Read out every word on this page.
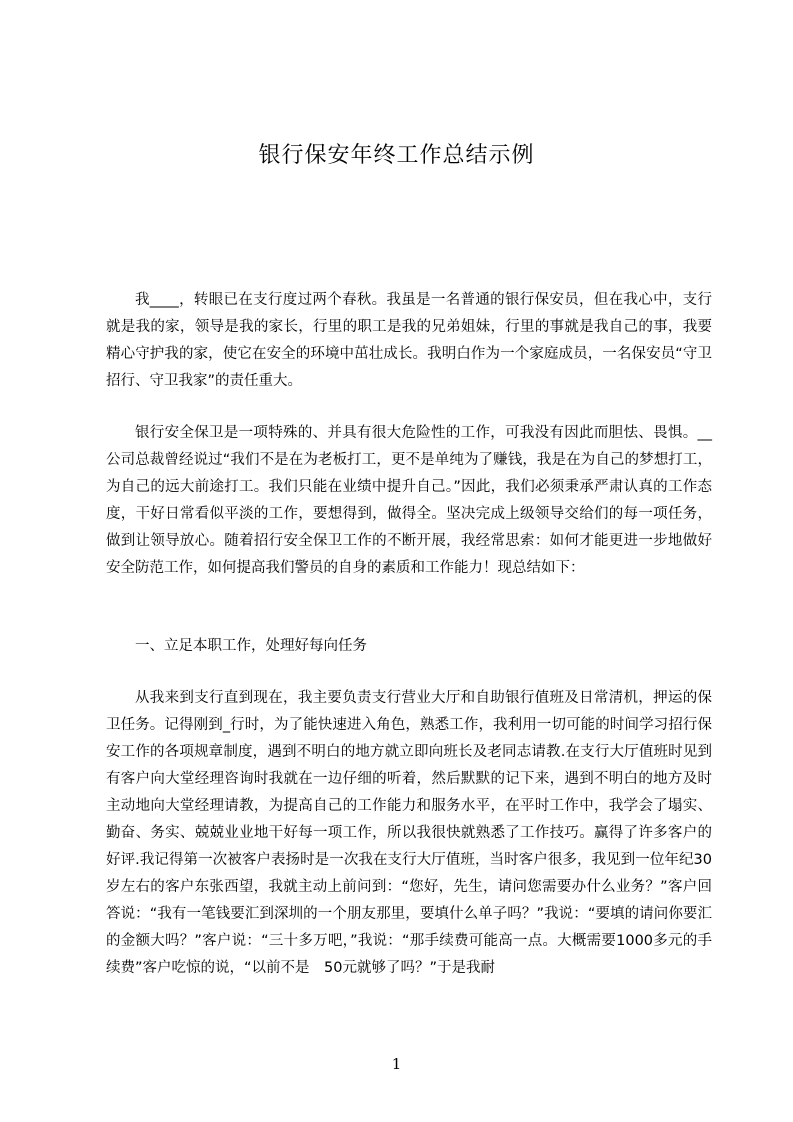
银行保安年终工作总结示例

我____，转眼已在支行度过两个春秋。我虽是一名普通的银行保安员，但在我心中，支行就是我的家，领导是我的家长，行里的职工是我的兄弟姐妹，行里的事就是我自己的事，我要精心守护我的家，使它在安全的环境中茁壮成长。我明白作为一个家庭成员，一名保安员“守卫招行、守卫我家”的责任重大。

银行安全保卫是一项特殊的、并具有很大危险性的工作，可我没有因此而胆怯、畏惧。__公司总裁曾经说过“我们不是在为老板打工，更不是单纯为了赚钱，我是在为自己的梦想打工，为自己的远大前途打工。我们只能在业绩中提升自己。”因此，我们必须秉承严肃认真的工作态度，干好日常看似平淡的工作，要想得到，做得全。坚决完成上级领导交给们的每一项任务，做到让领导放心。随着招行安全保卫工作的不断开展，我经常思索：如何才能更进一步地做好安全防范工作，如何提高我们警员的自身的素质和工作能力！现总结如下：

一、立足本职工作，处理好每向任务

从我来到支行直到现在，我主要负责支行营业大厅和自助银行值班及日常清机，押运的保卫任务。记得刚到_行时，为了能快速进入角色，熟悉工作，我利用一切可能的时间学习招行保安工作的各项规章制度，遇到不明白的地方就立即向班长及老同志请教.在支行大厅值班时见到有客户向大堂经理咨询时我就在一边仔细的听着，然后默默的记下来，遇到不明白的地方及时主动地向大堂经理请教，为提高自己的工作能力和服务水平，在平时工作中，我学会了塌实、勤奋、务实、兢兢业业地干好每一项工作，所以我很快就熟悉了工作技巧。赢得了许多客户的好评.我记得第一次被客户表扬时是一次我在支行大厅值班，当时客户很多，我见到一位年纪30岁左右的客户东张西望，我就主动上前问到：“您好，先生，请问您需要办什么业务？”客户回答说：“我有一笔钱要汇到深圳的一个朋友那里，要填什么单子吗？”我说：“要填的请问你要汇的金额大吗？”客户说：“三十多万吧，”我说：“那手续费可能高一点。大概需要1000多元的手续费”客户吃惊的说，“以前不是　50元就够了吗？”于是我耐

1
